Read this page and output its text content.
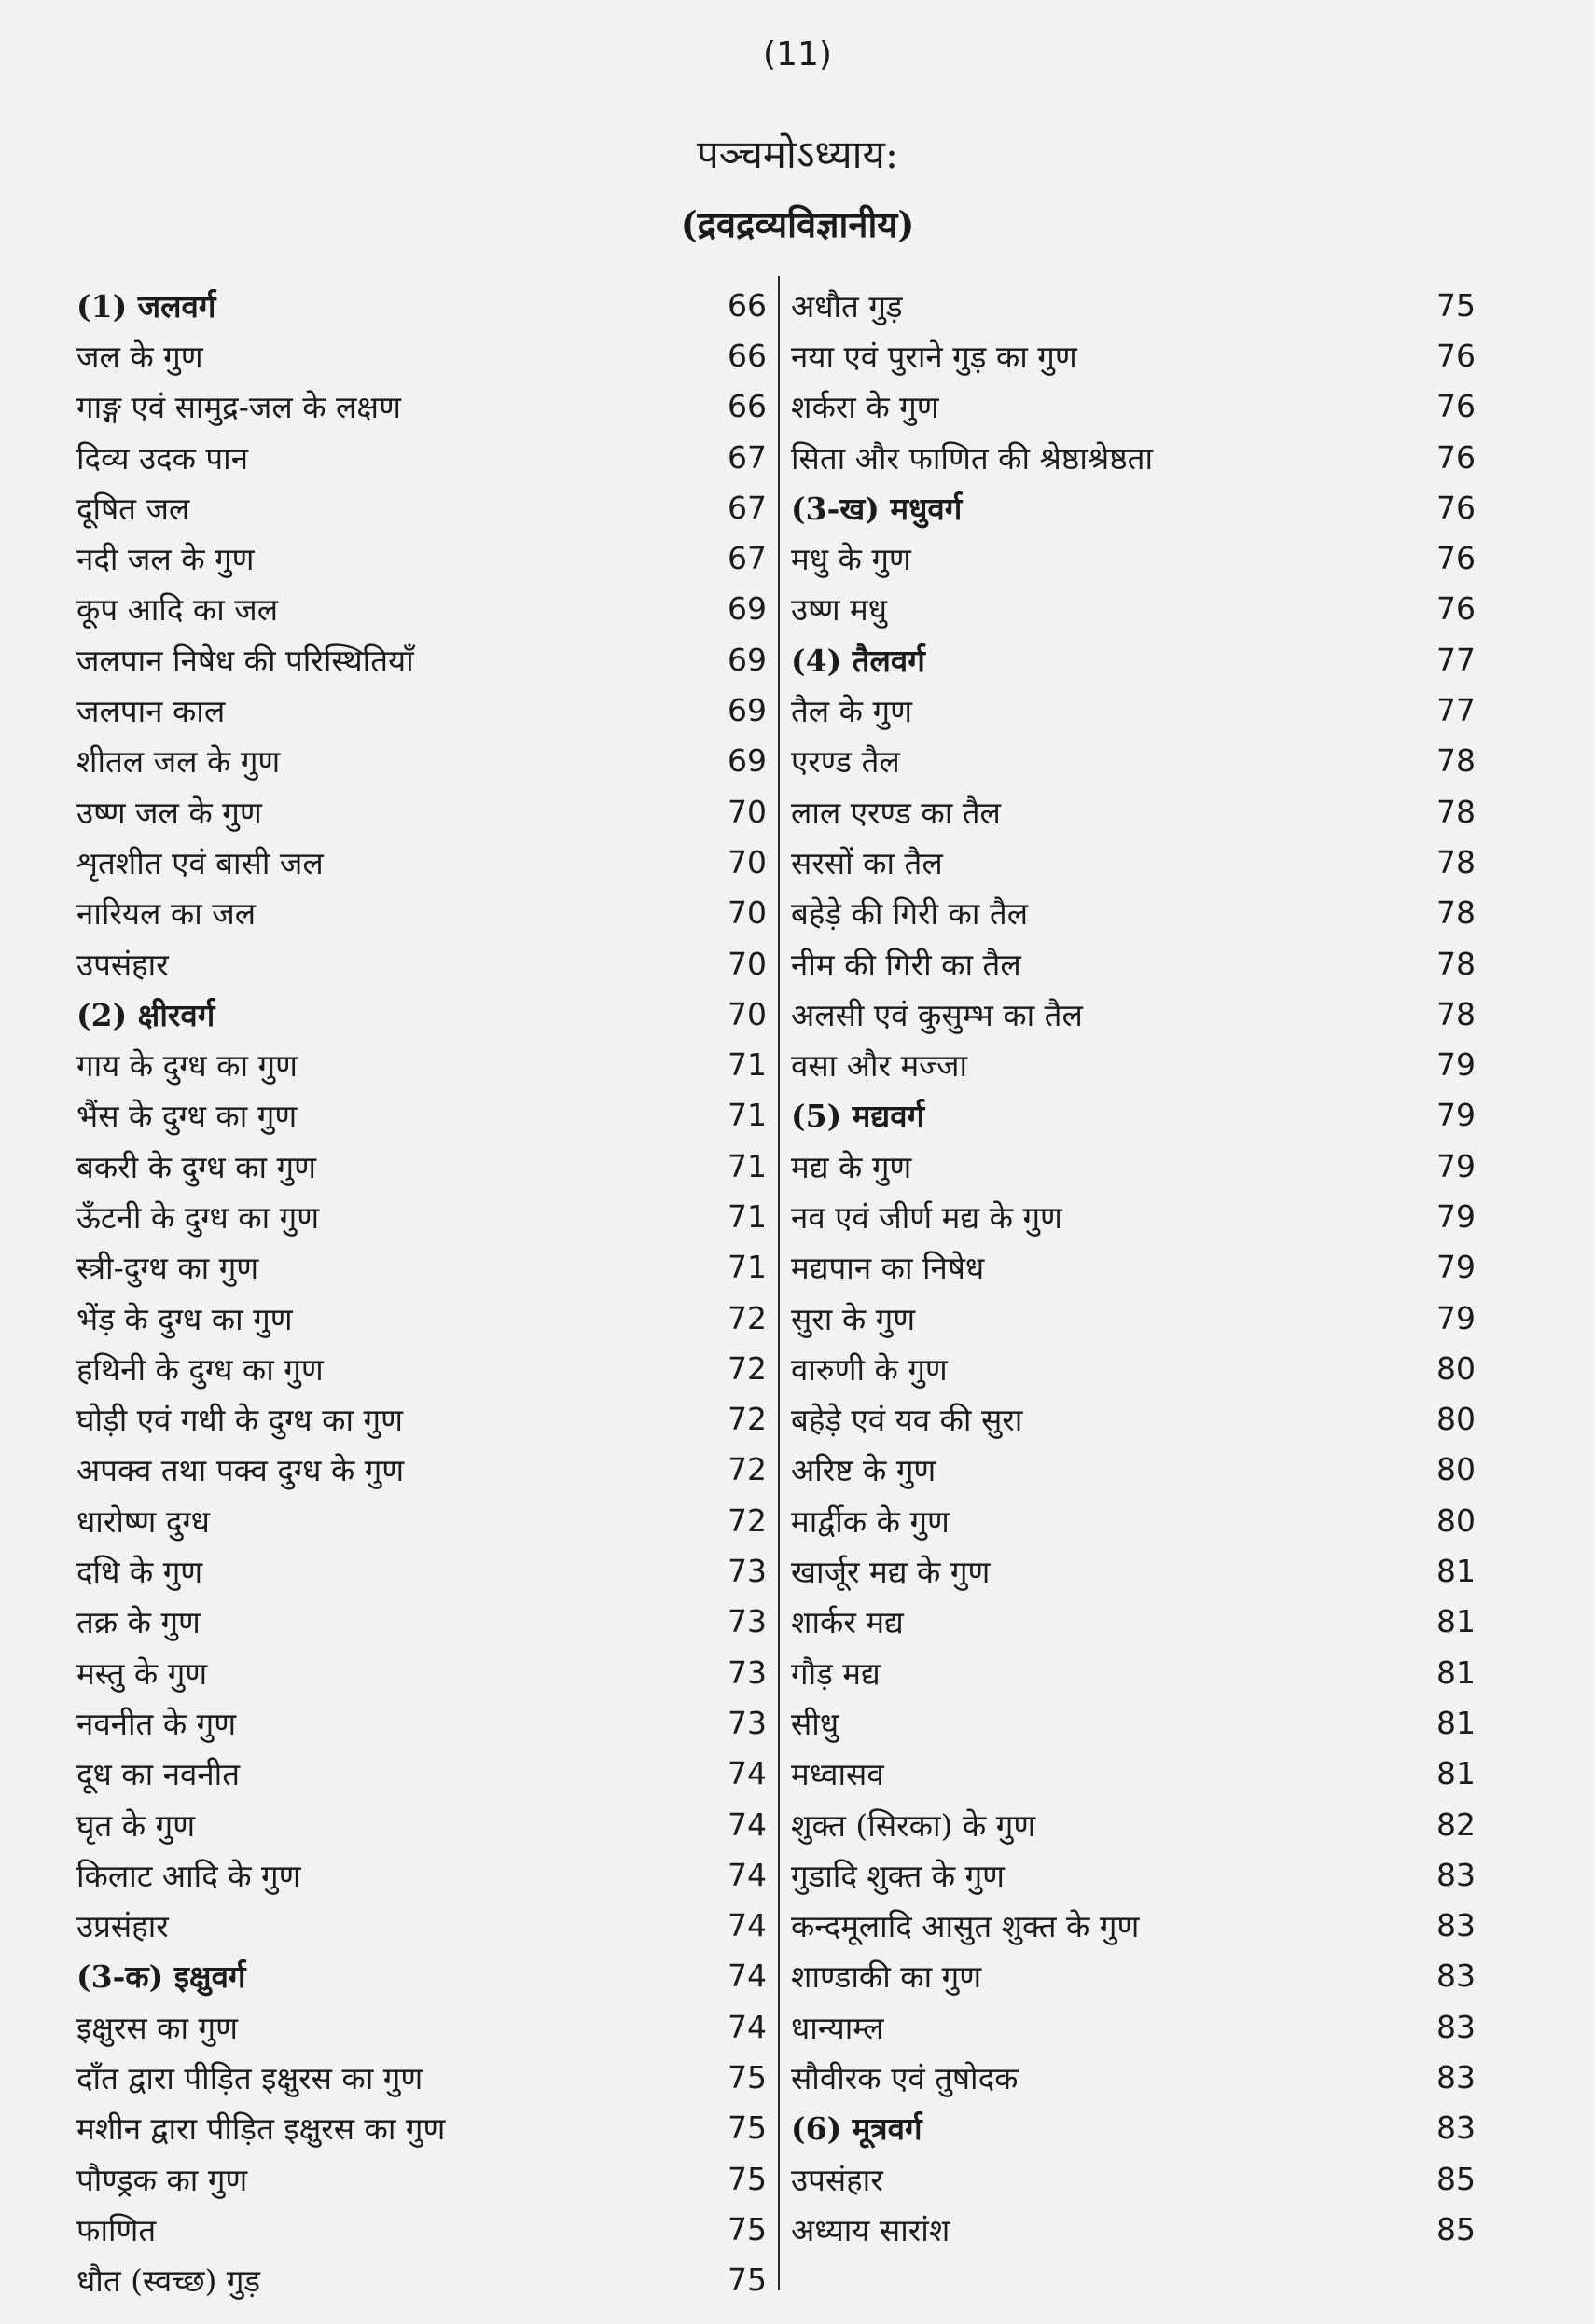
(11)
पञ्चमोऽध्याय:
(द्रवद्रव्यविज्ञानीय)
(1) जलवर्ग	66
जल के गुण	66
गाङ्ग एवं सामुद्र-जल के लक्षण	66
दिव्य उदक पान	67
दूषित जल	67
नदी जल के गुण	67
कूप आदि का जल	69
जलपान निषेध की परिस्थितियाँ	69
जलपान काल	69
शीतल जल के गुण	69
उष्ण जल के गुण	70
शृतशीत एवं बासी जल	70
नारियल का जल	70
उपसंहार	70
(2) क्षीरवर्ग	70
गाय के दुग्ध का गुण	71
भैंस के दुग्ध का गुण	71
बकरी के दुग्ध का गुण	71
ऊँटनी के दुग्ध का गुण	71
स्त्री-दुग्ध का गुण	71
भेंड़ के दुग्ध का गुण	72
हथिनी के दुग्ध का गुण	72
घोड़ी एवं गधी के दुग्ध का गुण	72
अपक्व तथा पक्व दुग्ध के गुण	72
धारोष्ण दुग्ध	72
दधि के गुण	73
तक्र के गुण	73
मस्तु के गुण	73
नवनीत के गुण	73
दूध का नवनीत	74
घृत के गुण	74
किलाट आदि के गुण	74
उप्रसंहार	74
(3-क) इक्षुवर्ग	74
इक्षुरस का गुण	74
दाँत द्वारा पीड़ित इक्षुरस का गुण	75
मशीन द्वारा पीड़ित इक्षुरस का गुण	75
पौण्ड्रक का गुण	75
फाणित	75
धौत (स्वच्छ) गुड़	75
अधौत गुड़	75
नया एवं पुराने गुड़ का गुण	76
शर्करा के गुण	76
सिता और फाणित की श्रेष्ठाश्रेष्ठता	76
(3-ख) मधुवर्ग	76
मधु के गुण	76
उष्ण मधु	76
(4) तैलवर्ग	77
तैल के गुण	77
एरण्ड तैल	78
लाल एरण्ड का तैल	78
सरसों का तैल	78
बहेड़े की गिरी का तैल	78
नीम की गिरी का तैल	78
अलसी एवं कुसुम्भ का तैल	78
वसा और मज्जा	79
(5) मद्यवर्ग	79
मद्य के गुण	79
नव एवं जीर्ण मद्य के गुण	79
मद्यपान का निषेध	79
सुरा के गुण	79
वारुणी के गुण	80
बहेड़े एवं यव की सुरा	80
अरिष्ट के गुण	80
मार्द्वीक के गुण	80
खार्जूर मद्य के गुण	81
शार्कर मद्य	81
गौड़ मद्य	81
सीधु	81
मध्वासव	81
शुक्त (सिरका) के गुण	82
गुडादि शुक्त के गुण	83
कन्दमूलादि आसुत शुक्त के गुण	83
शाण्डाकी का गुण	83
धान्याम्ल	83
सौवीरक एवं तुषोदक	83
(6) मूत्रवर्ग	83
उपसंहार	85
अध्याय सारांश	85
